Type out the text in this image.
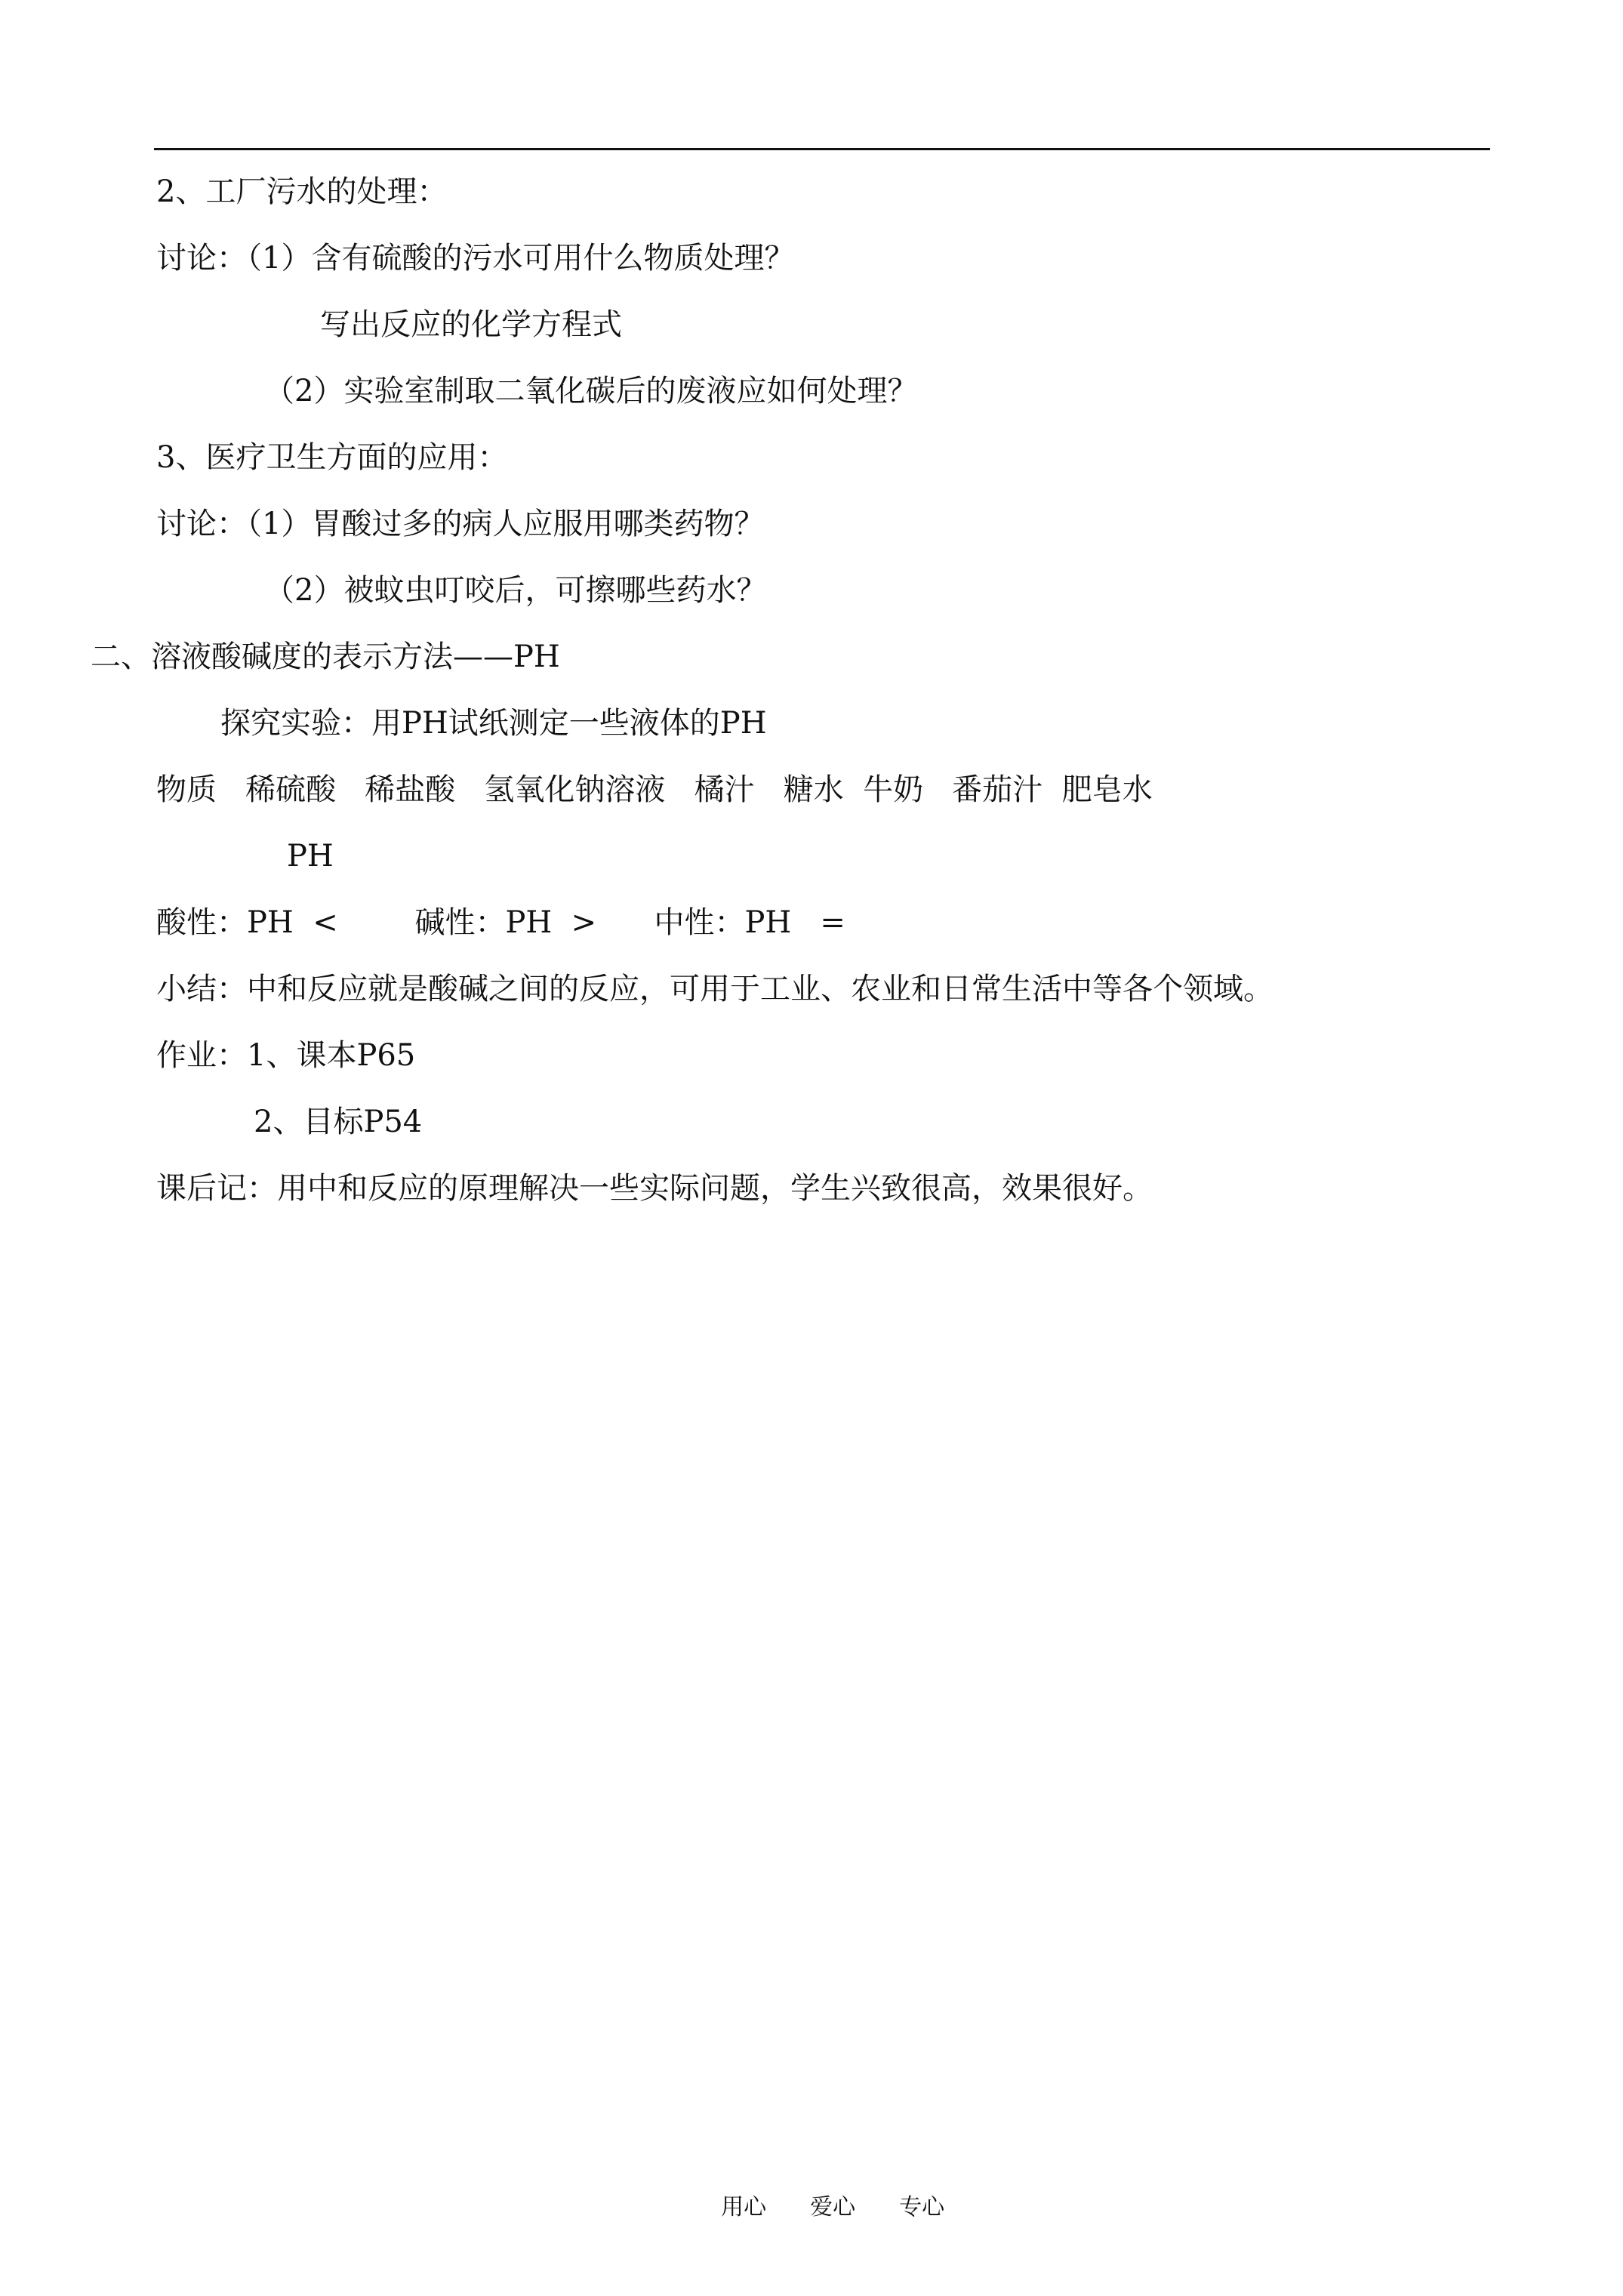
2、工厂污水的处理：

讨论：（1）含有硫酸的污水可用什么物质处理？

写出反应的化学方程式

（2）实验室制取二氧化碳后的废液应如何处理？

3、医疗卫生方面的应用：

讨论：（1）胃酸过多的病人应服用哪类药物？

（2）被蚊虫叮咬后，可擦哪些药水？

二、溶液酸碱度的表示方法——PH

探究实验：用PH试纸测定一些液体的PH

物质   稀硫酸   稀盐酸   氢氧化钠溶液   橘汁   糖水  牛奶   番茄汁  肥皂水

PH

酸性：PH  <        碱性：PH  >      中性：PH   =

小结：中和反应就是酸碱之间的反应，可用于工业、农业和日常生活中等各个领域。

作业：1、课本P65

2、目标P54

课后记：用中和反应的原理解决一些实际问题，学生兴致很高，效果很好。

用心 爱心 专心
